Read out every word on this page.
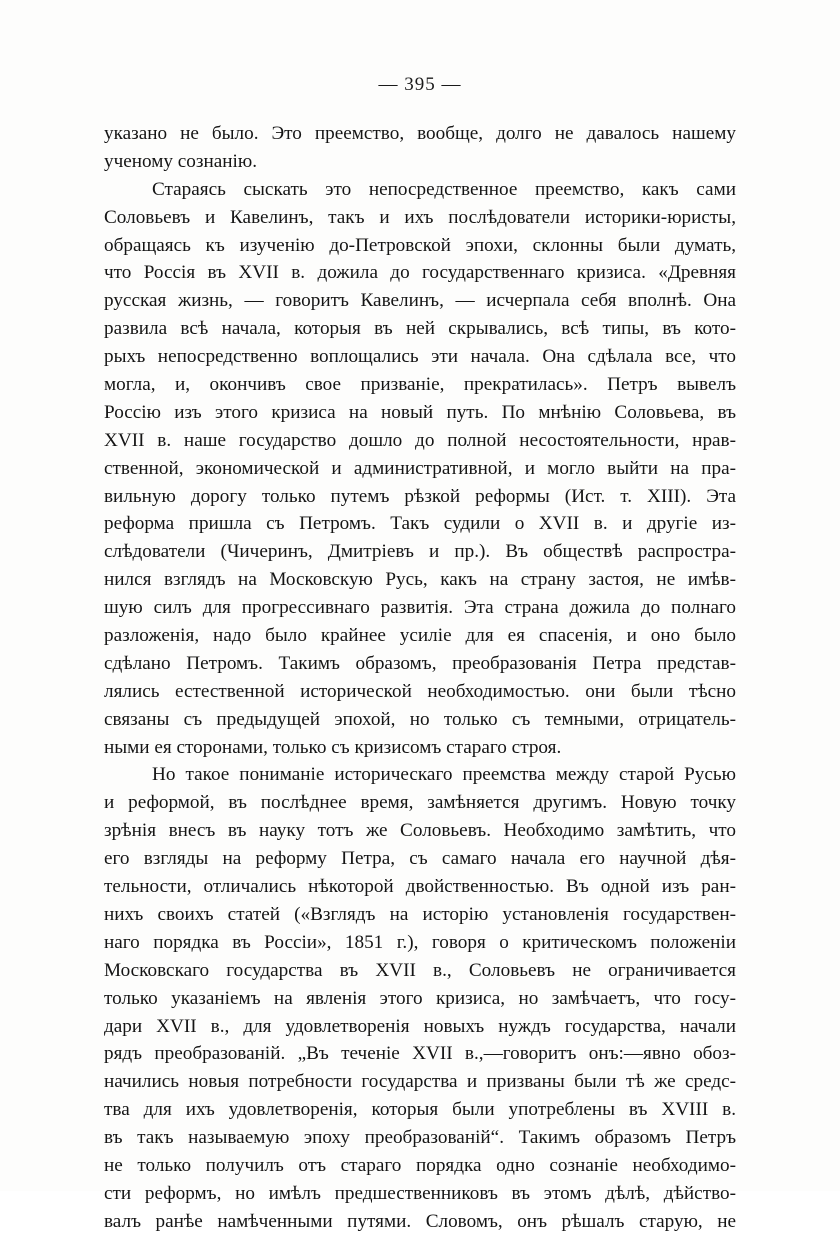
— 395 —
указано не было. Это преемство, вообще, долго не давалось нашему
ученому сознанію.
Стараясь сыскать это непосредственное преемство, какъ сами
Соловьевъ и Кавелинъ, такъ и ихъ послѣдователи историки-юристы,
обращаясь къ изученію до-Петровской эпохи, склонны были думать,
что Россія въ XVII в. дожила до государственнаго кризиса. «Древняя
русская жизнь, — говоритъ Кавелинъ, — исчерпала себя вполнѣ. Она
развила всѣ начала, которыя въ ней скрывались, всѣ типы, въ кото-
рыхъ непосредственно воплощались эти начала. Она сдѣлала все, что
могла, и, окончивъ свое призваніе, прекратилась». Петръ вывелъ
Россію изъ этого кризиса на новый путь. По мнѣнію Соловьева, въ
XVII в. наше государство дошло до полной несостоятельности, нрав-
ственной, экономической и административной, и могло выйти на пра-
вильную дорогу только путемъ рѣзкой реформы (Ист. т. XIII). Эта
реформа пришла съ Петромъ. Такъ судили о XVII в. и другіе из-
слѣдователи (Чичеринъ, Дмитріевъ и пр.). Въ обществѣ распростра-
нился взглядъ на Московскую Русь, какъ на страну застоя, не имѣв-
шую силъ для прогрессивнаго развитія. Эта страна дожила до полнаго
разложенія, надо было крайнее усиліе для ея спасенія, и оно было
сдѣлано Петромъ. Такимъ образомъ, преобразованія Петра представ-
лялись естественной исторической необходимостью. они были тѣсно
связаны съ предыдущей эпохой, но только съ темными, отрицатель-
ными ея сторонами, только съ кризисомъ стараго строя.
Но такое пониманіе историческаго преемства между старой Русью
и реформой, въ послѣднее время, замѣняется другимъ. Новую точку
зрѣнія внесъ въ науку тотъ же Соловьевъ. Необходимо замѣтить, что
его взгляды на реформу Петра, съ самаго начала его научной дѣя-
тельности, отличались нѣкоторой двойственностью. Въ одной изъ ран-
нихъ своихъ статей («Взглядъ на исторію установленія государствен-
наго порядка въ Россіи», 1851 г.), говоря о критическомъ положеніи
Московскаго государства въ XVII в., Соловьевъ не ограничивается
только указаніемъ на явленія этого кризиса, но замѣчаетъ, что госу-
дари XVII в., для удовлетворенія новыхъ нуждъ государства, начали
рядъ преобразованій. „Въ теченіе XVII в.,—говоритъ онъ:—явно обоз-
начились новыя потребности государства и призваны были тѣ же средс-
тва для ихъ удовлетворенія, которыя были употреблены въ XVIII в.
въ такъ называемую эпоху преобразованій“. Такимъ образомъ Петръ
не только получилъ отъ стараго порядка одно сознаніе необходимо-
сти реформъ, но имѣлъ предшественниковъ въ этомъ дѣлѣ, дѣйство-
валъ ранѣе намѣченными путями. Словомъ, онъ рѣшалъ старую, не
